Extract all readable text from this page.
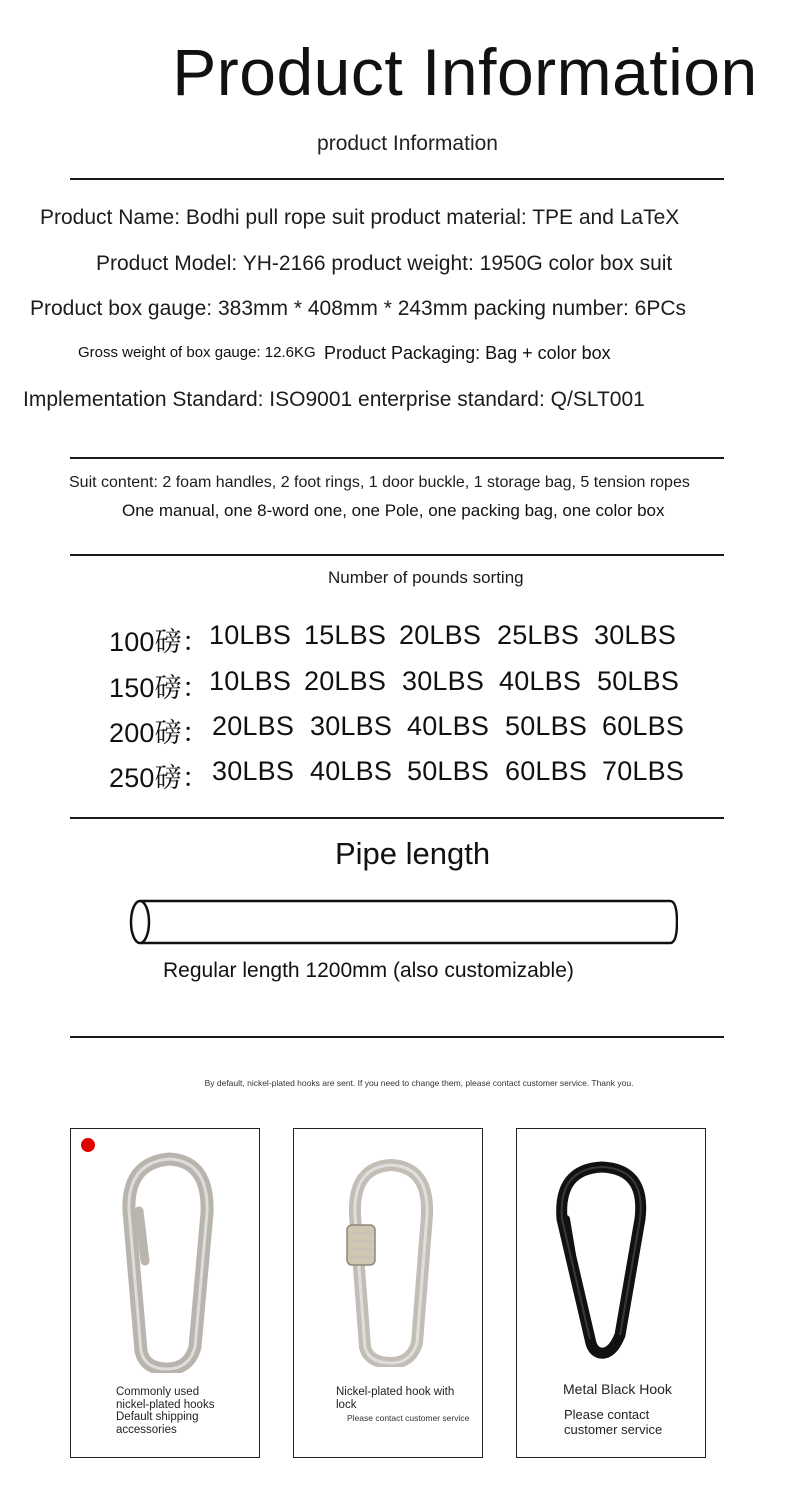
Product Information
product Information
Product Name: Bodhi pull rope suit product material: TPE and LaTeX
Product Model: YH-2166 product weight: 1950G color box suit
Product box gauge: 383mm * 408mm * 243mm packing number: 6PCs
Gross weight of box gauge: 12.6KG Product Packaging: Bag + color box
Implementation Standard: ISO9001 enterprise standard: Q/SLT001
Suit content: 2 foam handles, 2 foot rings, 1 door buckle, 1 storage bag, 5 tension ropes
One manual, one 8-word one, one Pole, one packing bag, one color box
Number of pounds sorting
100磅： 10LBS 15LBS 20LBS 25LBS 30LBS
150磅： 10LBS 20LBS 30LBS 40LBS 50LBS
200磅： 20LBS 30LBS 40LBS 50LBS 60LBS
250磅： 30LBS 40LBS 50LBS 60LBS 70LBS
Pipe length
Regular length 1200mm (also customizable)
By default, nickel-plated hooks are sent. If you need to change them, please contact customer service. Thank you.
Commonly used
nickel-plated hooks
Default shipping
accessories
Nickel-plated hook with
lock
Please contact customer service
Metal Black Hook
Please contact
customer service
